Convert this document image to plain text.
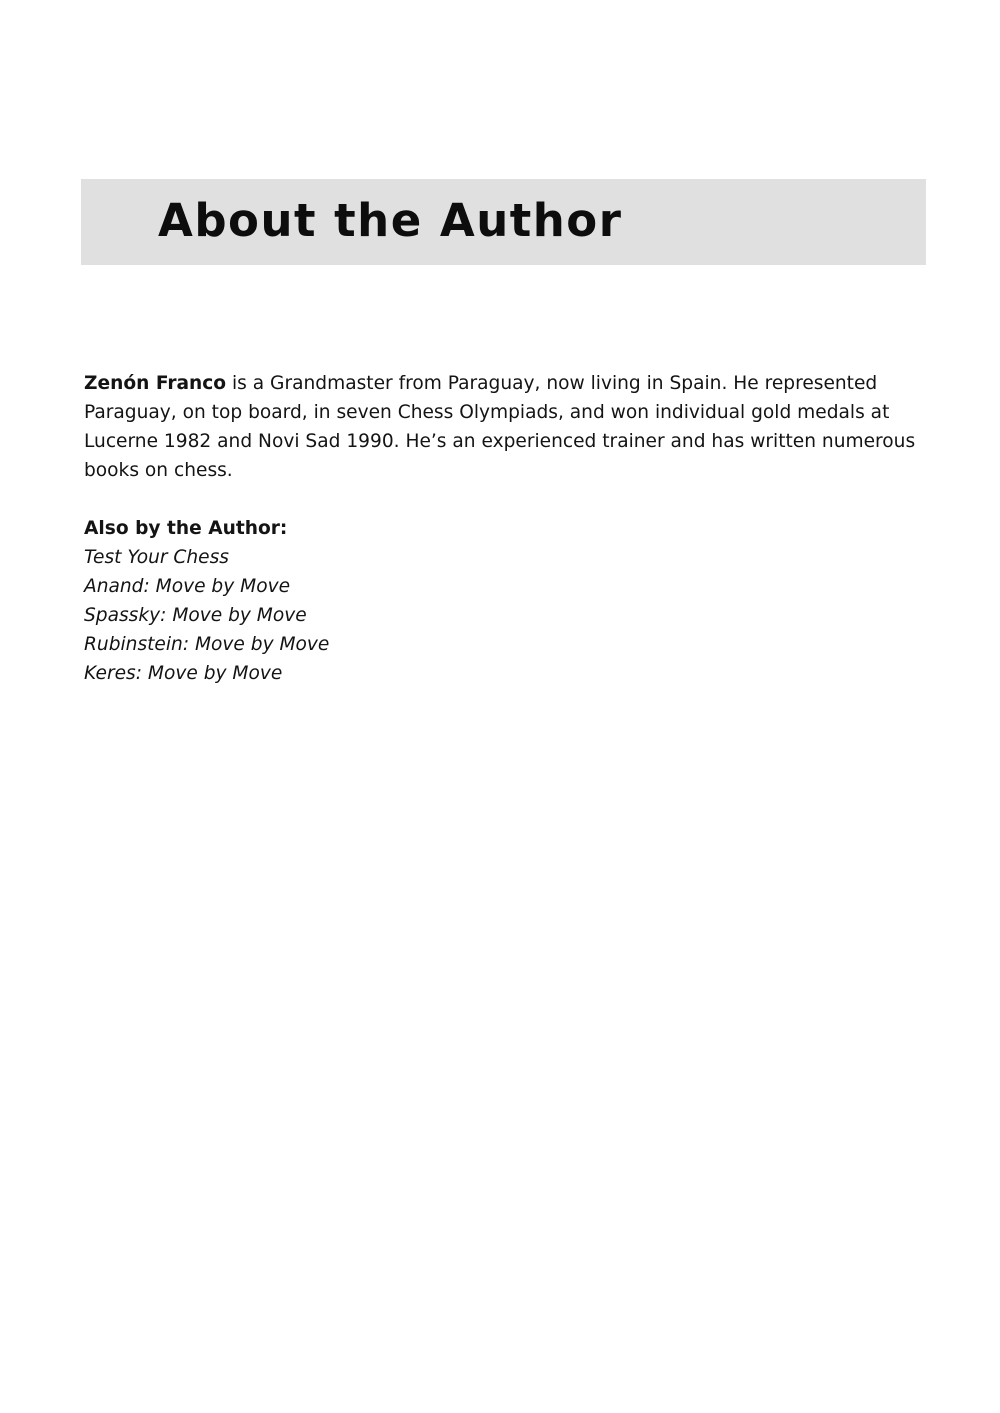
About the Author

Zenón Franco is a Grandmaster from Paraguay, now living in Spain. He represented Paraguay, on top board, in seven Chess Olympiads, and won individual gold medals at Lucerne 1982 and Novi Sad 1990. He’s an experienced trainer and has written numerous books on chess.

Also by the Author:

Test Your Chess
Anand: Move by Move
Spassky: Move by Move
Rubinstein: Move by Move
Keres: Move by Move
